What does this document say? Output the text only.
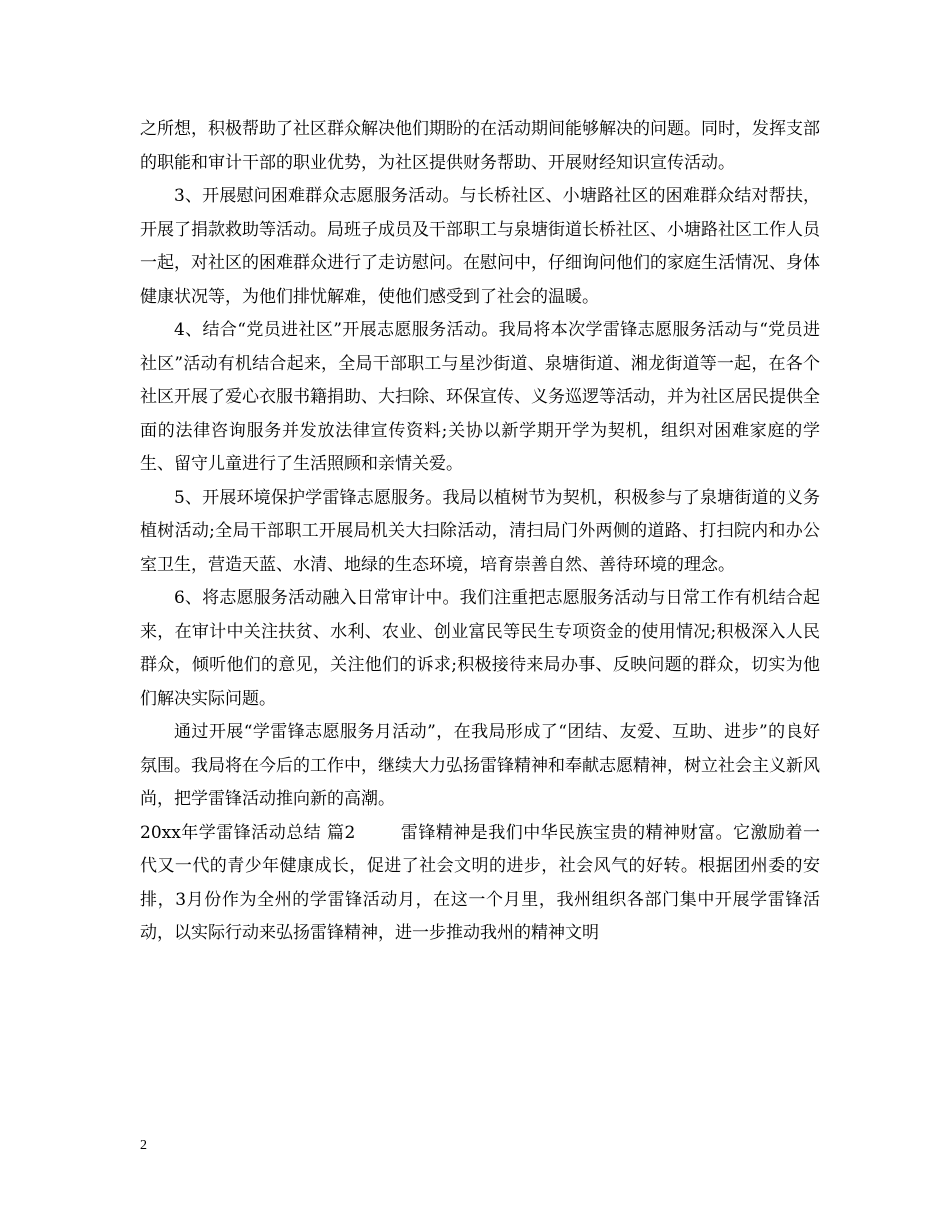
之所想，积极帮助了社区群众解决他们期盼的在活动期间能够解决的问题。同时，发挥支部的职能和审计干部的职业优势，为社区提供财务帮助、开展财经知识宣传活动。

3、开展慰问困难群众志愿服务活动。与长桥社区、小塘路社区的困难群众结对帮扶，开展了捐款救助等活动。局班子成员及干部职工与泉塘街道长桥社区、小塘路社区工作人员一起，对社区的困难群众进行了走访慰问。在慰问中，仔细询问他们的家庭生活情况、身体健康状况等，为他们排忧解难，使他们感受到了社会的温暖。

4、结合“党员进社区”开展志愿服务活动。我局将本次学雷锋志愿服务活动与“党员进社区”活动有机结合起来，全局干部职工与星沙街道、泉塘街道、湘龙街道等一起，在各个社区开展了爱心衣服书籍捐助、大扫除、环保宣传、义务巡逻等活动，并为社区居民提供全面的法律咨询服务并发放法律宣传资料;关协以新学期开学为契机，组织对困难家庭的学生、留守儿童进行了生活照顾和亲情关爱。

5、开展环境保护学雷锋志愿服务。我局以植树节为契机，积极参与了泉塘街道的义务植树活动;全局干部职工开展局机关大扫除活动，清扫局门外两侧的道路、打扫院内和办公室卫生，营造天蓝、水清、地绿的生态环境，培育崇善自然、善待环境的理念。

6、将志愿服务活动融入日常审计中。我们注重把志愿服务活动与日常工作有机结合起来，在审计中关注扶贫、水利、农业、创业富民等民生专项资金的使用情况;积极深入人民群众，倾听他们的意见，关注他们的诉求;积极接待来局办事、反映问题的群众，切实为他们解决实际问题。

通过开展“学雷锋志愿服务月活动”，在我局形成了“团结、友爱、互助、进步”的良好氛围。我局将在今后的工作中，继续大力弘扬雷锋精神和奉献志愿精神，树立社会主义新风尚，把学雷锋活动推向新的高潮。

20xx年学雷锋活动总结 篇2	雷锋精神是我们中华民族宝贵的精神财富。它激励着一代又一代的青少年健康成长，促进了社会文明的进步，社会风气的好转。根据团州委的安排，3月份作为全州的学雷锋活动月，在这一个月里，我州组织各部门集中开展学雷锋活动，以实际行动来弘扬雷锋精神，进一步推动我州的精神文明

2
